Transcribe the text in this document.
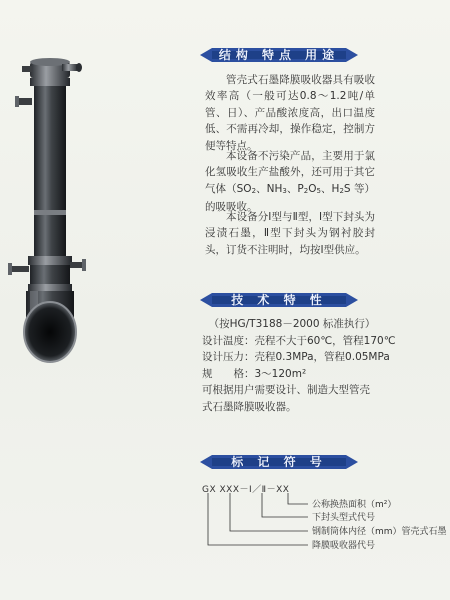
结构 特点 用途

管壳式石墨降膜吸收器具有吸收效率高（一般可达0.8～1.2吨/单管、日）、产品酸浓度高，出口温度低、不需再冷却，操作稳定，控制方便等特点。

本设备不污染产品，主要用于氯化氢吸收生产盐酸外，还可用于其它气体（SO2、NH3、P2O5、H2S 等）的吸吸收。

本设备分Ⅰ型与Ⅱ型，Ⅰ型下封头为浸渍石墨，Ⅱ型下封头为钢衬胶封头，订货不注明时，均按Ⅰ型供应。

技 术 特 性
（按HG/T3188－2000 标准执行）
设计温度：壳程不大于60℃，管程170℃
设计压力：壳程0.3MPa，管程0.05MPa
规　　格：3～120m²
可根据用户需要设计、制造大型管壳
式石墨降膜吸收器。
标 记 符 号
GX XXX－Ⅰ／Ⅱ－XX
公称换热面积（m²）
下封头型式代号
钢制筒体内径（mm）管壳式石墨
降膜吸收器代号
